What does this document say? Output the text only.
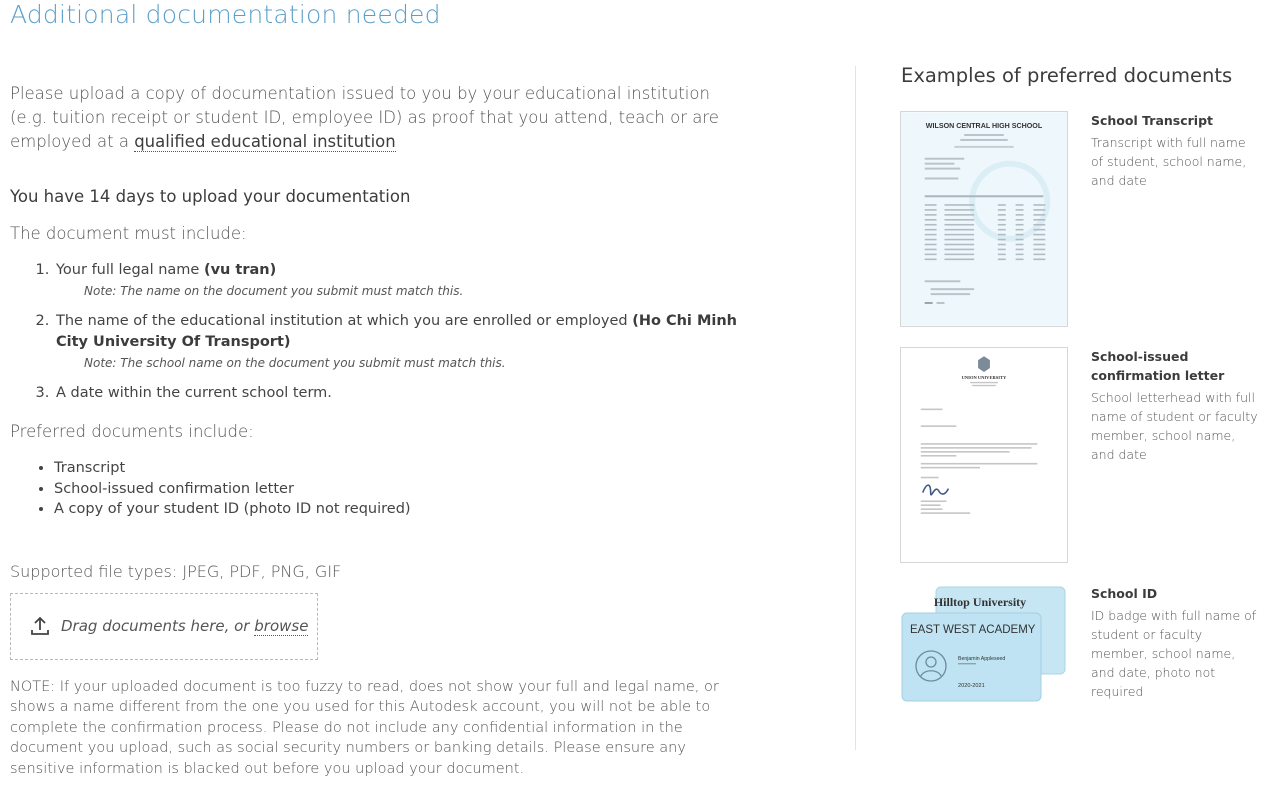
Additional documentation needed

Please upload a copy of documentation issued to you by your educational institution (e.g. tuition receipt or student ID, employee ID) as proof that you attend, teach or are employed at a qualified educational institution

You have 14 days to upload your documentation
The document must include:
1. Your full legal name (vu tran)
Note: The name on the document you submit must match this.
2. The name of the educational institution at which you are enrolled or employed (Ho Chi Minh City University Of Transport)
Note: The school name on the document you submit must match this.
3. A date within the current school term.
Preferred documents include:
• Transcript
• School-issued confirmation letter
• A copy of your student ID (photo ID not required)
Supported file types: JPEG, PDF, PNG, GIF
Drag documents here, or browse

NOTE: If your uploaded document is too fuzzy to read, does not show your full and legal name, or shows a name different from the one you used for this Autodesk account, you will not be able to complete the confirmation process. Please do not include any confidential information in the document you upload, such as social security numbers or banking details. Please ensure any sensitive information is blacked out before you upload your document.

Examples of preferred documents
WILSON CENTRAL HIGH SCHOOL	School Transcript
Transcript with full name of student, school name, and date
UNION UNIVERSITY
School-issued confirmation letter
School letterhead with full name of student or faculty member, school name, and date
Hilltop University
EAST WEST ACADEMY
Benjamin Appleseed
2020-2021
School ID
ID badge with full name of student or faculty member, school name, and date, photo not required
